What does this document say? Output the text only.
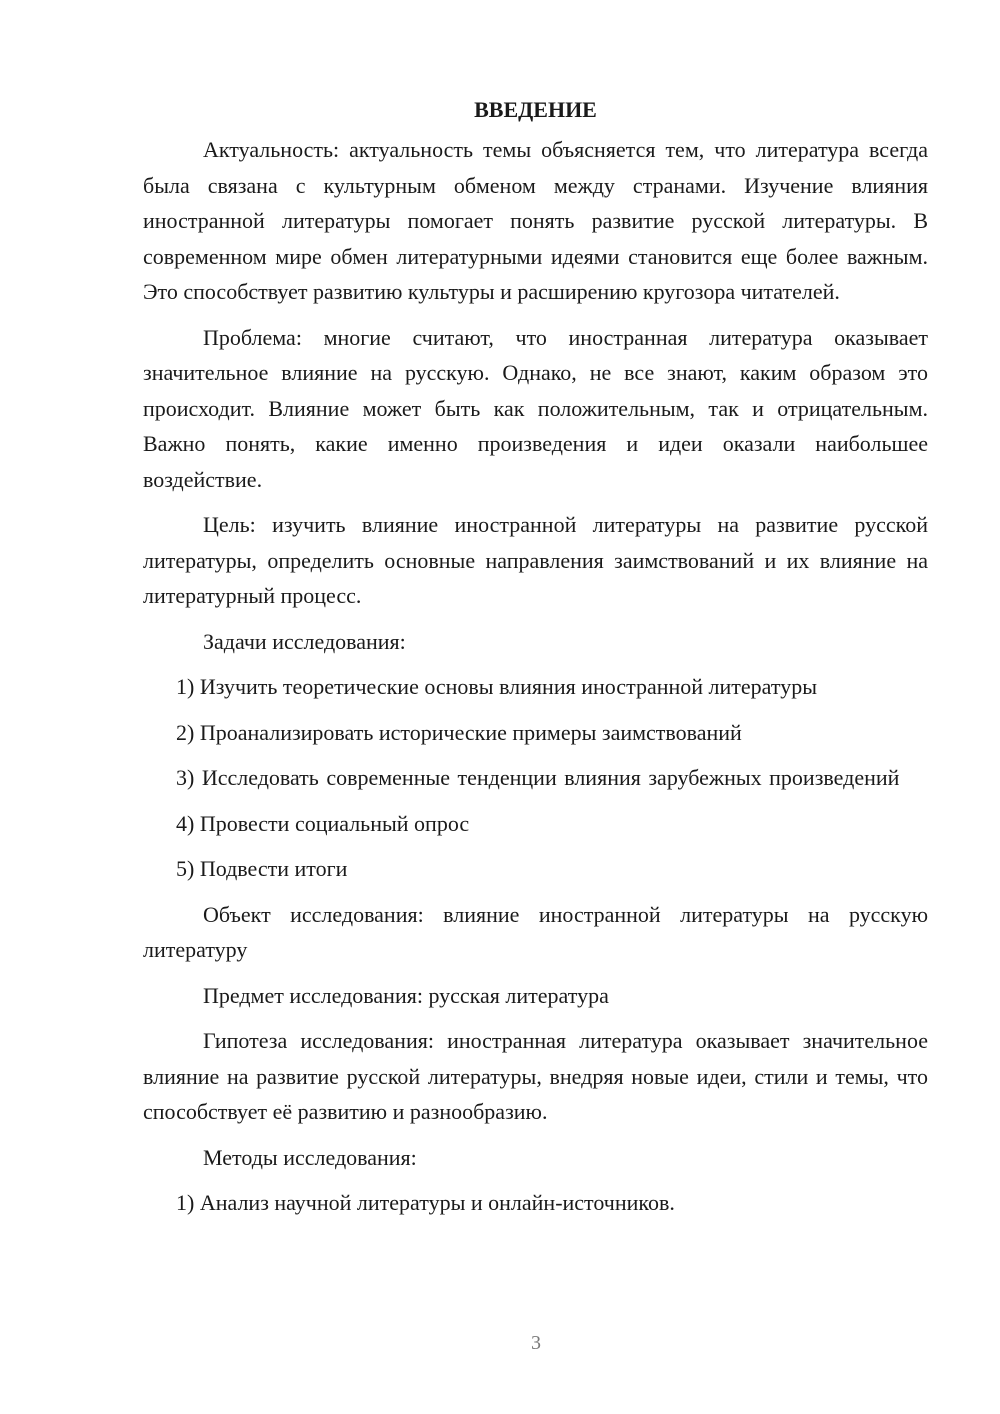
ВВЕДЕНИЕ

Актуальность: актуальность темы объясняется тем, что литература всегда была связана с культурным обменом между странами. Изучение влияния иностранной литературы помогает понять развитие русской литературы. В современном мире обмен литературными идеями становится еще более важным. Это способствует развитию культуры и расширению кругозора читателей.

Проблема: многие считают, что иностранная литература оказывает значительное влияние на русскую. Однако, не все знают, каким образом это происходит. Влияние может быть как положительным, так и отрицательным. Важно понять, какие именно произведения и идеи оказали наибольшее воздействие.

Цель: изучить влияние иностранной литературы на развитие русской литературы, определить основные направления заимствований и их влияние на литературный процесс.

Задачи исследования:

1) Изучить теоретические основы влияния иностранной литературы

2) Проанализировать исторические примеры заимствований

3) Исследовать современные тенденции влияния зарубежных произведений

4) Провести социальный опрос

5) Подвести итоги

Объект исследования: влияние иностранной литературы на русскую литературу

Предмет исследования: русская литература

Гипотеза исследования: иностранная литература оказывает значительное влияние на развитие русской литературы, внедряя новые идеи, стили и темы, что способствует её развитию и разнообразию.

Методы исследования:

1) Анализ научной литературы и онлайн-источников.

3
